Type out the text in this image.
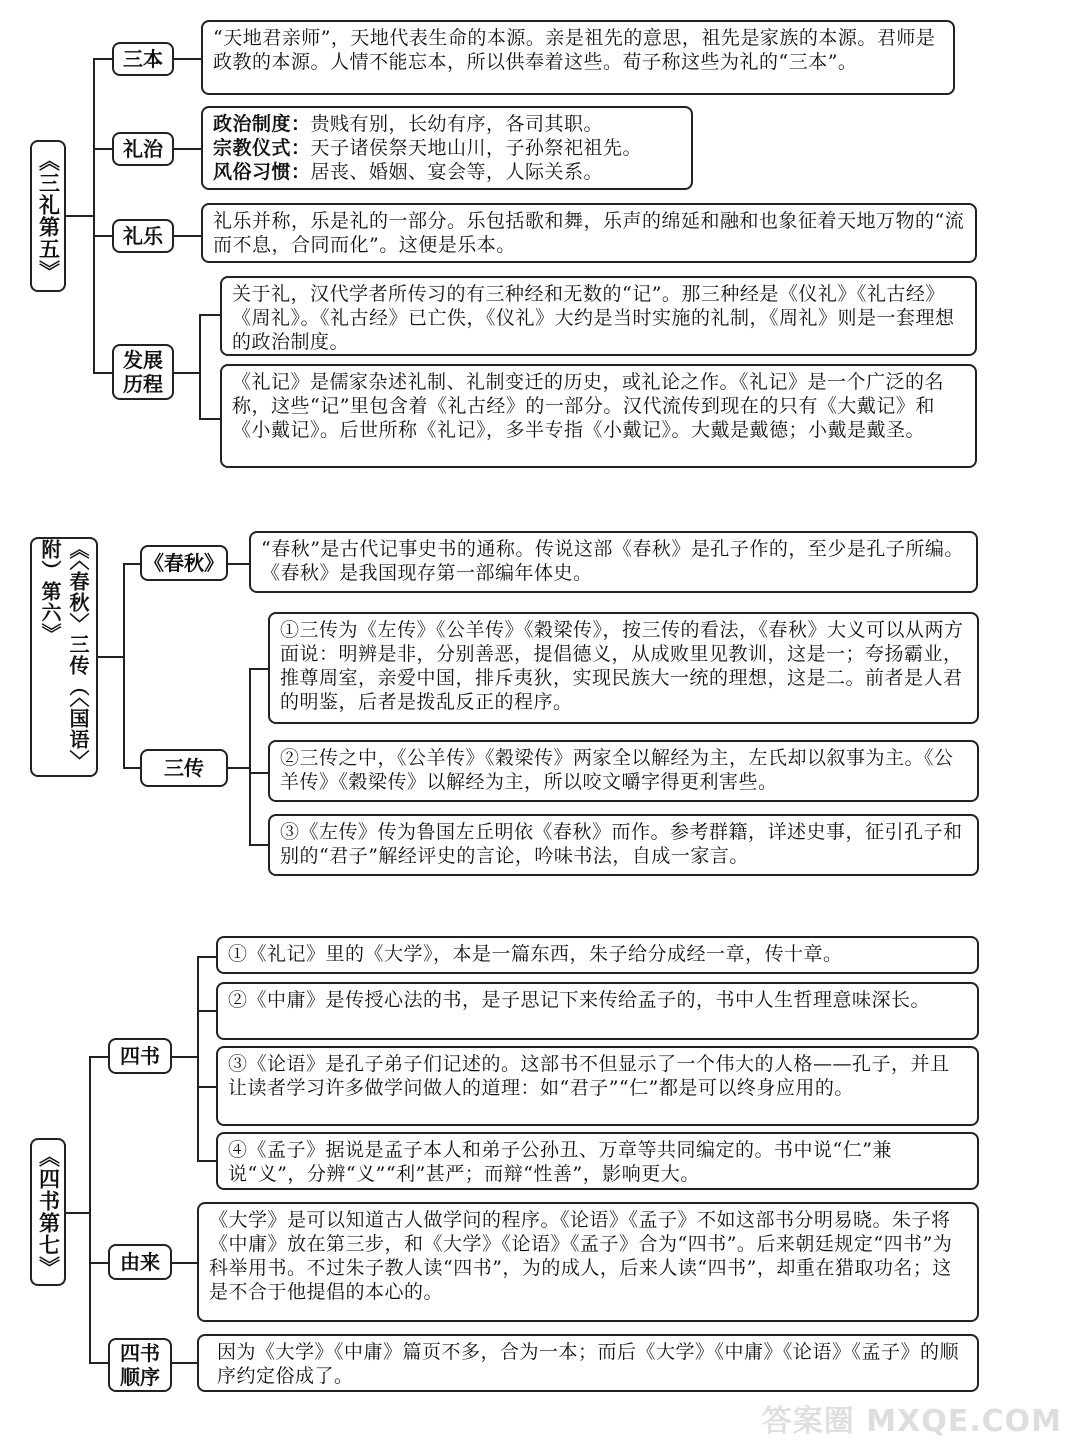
《三礼第五》
三本
“天地君亲师”，天地代表生命的本源。亲是祖先的意思，祖先是家族的本源。君师是政教的本源。人情不能忘本，所以供奉着这些。荀子称这些为礼的“三本”。
礼治
政治制度：贵贱有别，长幼有序，各司其职。
宗教仪式：天子诸侯祭天地山川，子孙祭祀祖先。
风俗习惯：居丧、婚姻、宴会等，人际关系。
礼乐
礼乐并称，乐是礼的一部分。乐包括歌和舞，乐声的绵延和融和也象征着天地万物的“流而不息，合同而化”。这便是乐本。
发展历程
关于礼，汉代学者所传习的有三种经和无数的“记”。那三种经是《仪礼》《礼古经》《周礼》。《礼古经》已亡佚，《仪礼》大约是当时实施的礼制，《周礼》则是一套理想的政治制度。
《礼记》是儒家杂述礼制、礼制变迁的历史，或礼论之作。《礼记》是一个广泛的名称，这些“记”里包含着《礼古经》的一部分。汉代流传到现在的只有《大戴记》和《小戴记》。后世所称《礼记》，多半专指《小戴记》。大戴是戴德；小戴是戴圣。
《〈春秋〉三传（〈国语〉附）第六》	《春秋》
“春秋”是古代记事史书的通称。传说这部《春秋》是孔子作的，至少是孔子所编。《春秋》是我国现存第一部编年体史。
三传
①三传为《左传》《公羊传》《穀梁传》，按三传的看法，《春秋》大义可以从两方面说：明辨是非，分别善恶，提倡德义，从成败里见教训，这是一；夸扬霸业，推尊周室，亲爱中国，排斥夷狄，实现民族大一统的理想，这是二。前者是人君的明鉴，后者是拨乱反正的程序。
②三传之中，《公羊传》《穀梁传》两家全以解经为主，左氏却以叙事为主。《公羊传》《穀梁传》以解经为主，所以咬文嚼字得更利害些。
③《左传》传为鲁国左丘明依《春秋》而作。参考群籍，详述史事，征引孔子和别的“君子”解经评史的言论，吟味书法，自成一家言。
《四书第七》
四书
①《礼记》里的《大学》，本是一篇东西，朱子给分成经一章，传十章。
②《中庸》是传授心法的书，是子思记下来传给孟子的，书中人生哲理意味深长。
③《论语》是孔子弟子们记述的。这部书不但显示了一个伟大的人格——孔子，并且让读者学习许多做学问做人的道理：如“君子”“仁”都是可以终身应用的。
④《孟子》据说是孟子本人和弟子公孙丑、万章等共同编定的。书中说“仁”兼说“义”，分辨“义”“利”甚严；而辩“性善”，影响更大。
由来
《大学》是可以知道古人做学问的程序。《论语》《孟子》不如这部书分明易晓。朱子将《中庸》放在第三步，和《大学》《论语》《孟子》合为“四书”。后来朝廷规定“四书”为科举用书。不过朱子教人读“四书”，为的成人，后来人读“四书”，却重在猎取功名；这是不合于他提倡的本心的。
四书顺序
因为《大学》《中庸》篇页不多，合为一本；而后《大学》《中庸》《论语》《孟子》的顺序约定俗成了。
答案圈 MXQE.COM
